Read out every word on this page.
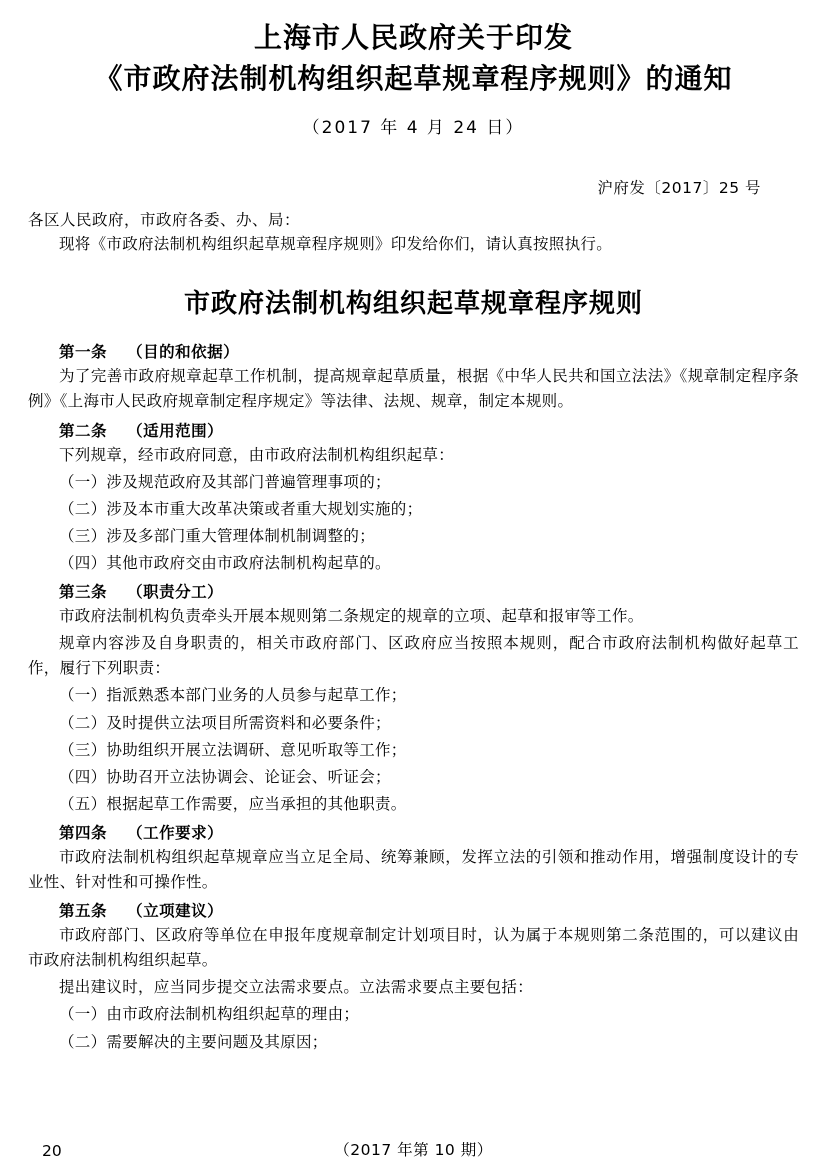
上海市人民政府关于印发
《市政府法制机构组织起草规章程序规则》的通知
（2017 年 4 月 24 日）
沪府发〔2017〕25 号
各区人民政府，市政府各委、办、局：
现将《市政府法制机构组织起草规章程序规则》印发给你们，请认真按照执行。
市政府法制机构组织起草规章程序规则
第一条 （目的和依据）
为了完善市政府规章起草工作机制，提高规章起草质量，根据《中华人民共和国立法法》《规章制定程序条例》《上海市人民政府规章制定程序规定》等法律、法规、规章，制定本规则。
第二条 （适用范围）
下列规章，经市政府同意，由市政府法制机构组织起草：
（一）涉及规范政府及其部门普遍管理事项的；
（二）涉及本市重大改革决策或者重大规划实施的；
（三）涉及多部门重大管理体制机制调整的；
（四）其他市政府交由市政府法制机构起草的。
第三条 （职责分工）
市政府法制机构负责牵头开展本规则第二条规定的规章的立项、起草和报审等工作。
规章内容涉及自身职责的，相关市政府部门、区政府应当按照本规则，配合市政府法制机构做好起草工作，履行下列职责：
（一）指派熟悉本部门业务的人员参与起草工作；
（二）及时提供立法项目所需资料和必要条件；
（三）协助组织开展立法调研、意见听取等工作；
（四）协助召开立法协调会、论证会、听证会；
（五）根据起草工作需要，应当承担的其他职责。
第四条 （工作要求）
市政府法制机构组织起草规章应当立足全局、统筹兼顾，发挥立法的引领和推动作用，增强制度设计的专业性、针对性和可操作性。
第五条 （立项建议）
市政府部门、区政府等单位在申报年度规章制定计划项目时，认为属于本规则第二条范围的，可以建议由市政府法制机构组织起草。
提出建议时，应当同步提交立法需求要点。立法需求要点主要包括：
（一）由市政府法制机构组织起草的理由；
（二）需要解决的主要问题及其原因；
20	（2017 年第 10 期）
